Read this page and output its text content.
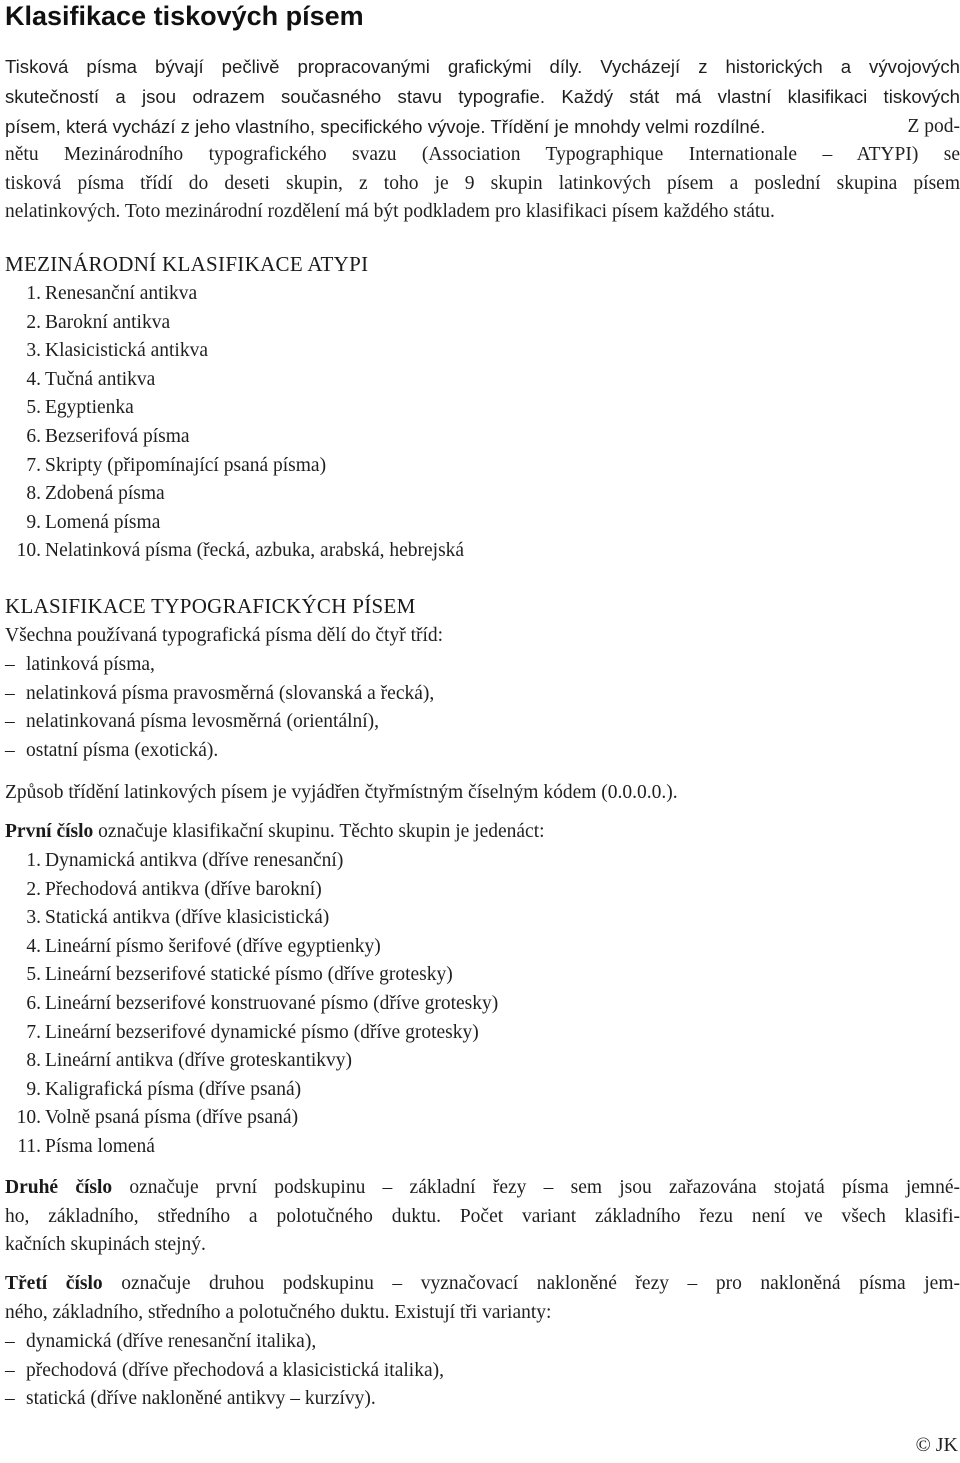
Klasifikace tiskových písem
Tisková písma bývají pečlivě propracovanými grafickými díly. Vycházejí z historických a vývojových
skutečností a jsou odrazem současného stavu typografie. Každý stát má vlastní klasifikaci tiskových
písem, která vychází z jeho vlastního, specifického vývoje. Třídění je mnohdy velmi rozdílné.	Z pod-
nětu Mezinárodního typografického svazu (Association Typographique Internationale – ATYPI) se
tisková písma třídí do deseti skupin, z toho je 9 skupin latinkových písem a poslední skupina písem
nelatinkových. Toto mezinárodní rozdělení má být podkladem pro klasifikaci písem každého státu.
MEZINÁRODNÍ KLASIFIKACE ATYPI
1. Renesanční antikva
2. Barokní antikva
3. Klasicistická antikva
4. Tučná antikva
5. Egyptienka
6. Bezserifová písma
7. Skripty (připomínající psaná písma)
8. Zdobená písma
9. Lomená písma
10. Nelatinková písma (řecká, azbuka, arabská, hebrejská
KLASIFIKACE TYPOGRAFICKÝCH PÍSEM
Všechna používaná typografická písma dělí do čtyř tříd:
– latinková písma,
– nelatinková písma pravosměrná (slovanská a řecká),
– nelatinkovaná písma levosměrná (orientální),
– ostatní písma (exotická).
Způsob třídění latinkových písem je vyjádřen čtyřmístným číselným kódem (0.0.0.0.).
První číslo označuje klasifikační skupinu. Těchto skupin je jedenáct:
1. Dynamická antikva (dříve renesanční)
2. Přechodová antikva (dříve barokní)
3. Statická antikva (dříve klasicistická)
4. Lineární písmo šerifové (dříve egyptienky)
5. Lineární bezserifové statické písmo (dříve grotesky)
6. Lineární bezserifové konstruované písmo (dříve grotesky)
7. Lineární bezserifové dynamické písmo (dříve grotesky)
8. Lineární antikva (dříve groteskantikvy)
9. Kaligrafická písma (dříve psaná)
10. Volně psaná písma (dříve psaná)
11. Písma lomená
Druhé číslo označuje první podskupinu – základní řezy – sem jsou zařazována stojatá písma jemné-
ho, základního, středního a polotučného duktu. Počet variant základního řezu není ve všech klasifi-
kačních skupinách stejný.
Třetí číslo označuje druhou podskupinu – vyznačovací nakloněné řezy – pro nakloněná písma jem-
ného, základního, středního a polotučného duktu. Existují tři varianty:
– dynamická (dříve renesanční italika),
– přechodová (dříve přechodová a klasicistická italika),
– statická (dříve nakloněné antikvy – kurzívy).
© JK
